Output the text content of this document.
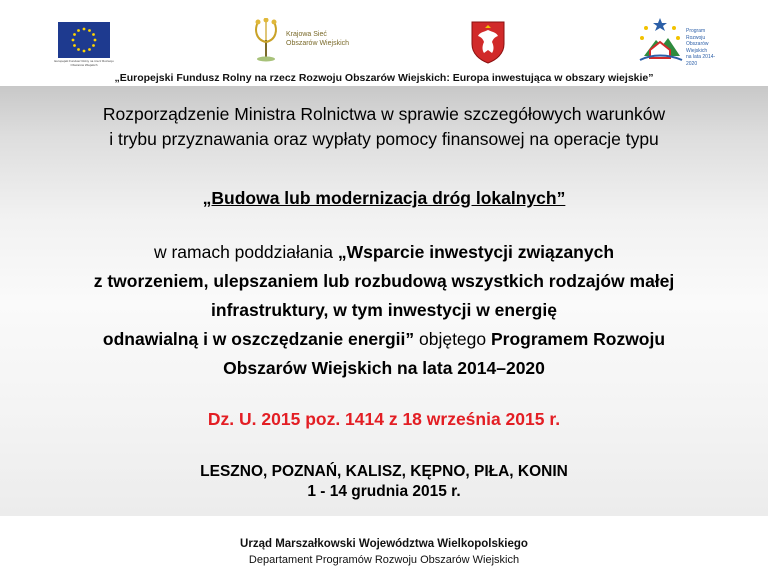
Europejski Fundusz Rolny na rzecz Rozwoju Obszarów Wiejskich
Krajowa Sieć
Obszarów Wiejskich
Program
Rozwoju
Obszarów
Wiejskich
na lata 2014-2020
„Europejski Fundusz Rolny na rzecz Rozwoju Obszarów Wiejskich: Europa inwestująca w obszary wiejskie”
Rozporządzenie Ministra Rolnictwa w sprawie szczegółowych warunków
i trybu przyznawania oraz wypłaty pomocy finansowej na operacje typu
„Budowa lub modernizacja dróg lokalnych”
w ramach poddziałania „Wsparcie inwestycji związanych
z tworzeniem, ulepszaniem lub rozbudową wszystkich rodzajów małej
infrastruktury, w tym inwestycji w energię
odnawialną i w oszczędzanie energii” objętego Programem Rozwoju
Obszarów Wiejskich na lata 2014–2020
Dz. U. 2015 poz. 1414 z 18 września 2015 r.
LESZNO, POZNAŃ, KALISZ, KĘPNO, PIŁA, KONIN
1 - 14 grudnia 2015 r.
Urząd Marszałkowski Województwa Wielkopolskiego
Departament Programów Rozwoju Obszarów Wiejskich
